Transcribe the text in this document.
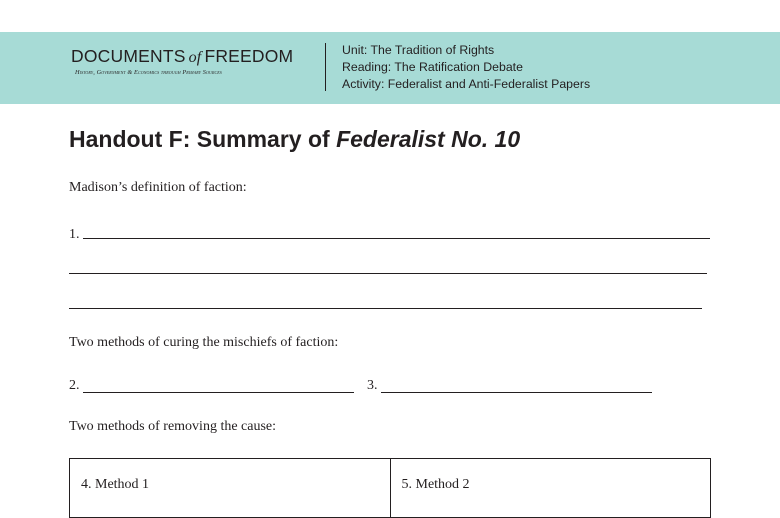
DOCUMENTS of FREEDOM
History, Government & Economics through Primary Sources
Unit: The Tradition of Rights
Reading: The Ratification Debate
Activity: Federalist and Anti-Federalist Papers
Handout F: Summary of Federalist No. 10
Madison’s definition of faction:
1.
Two methods of curing the mischiefs of faction:
2.	3.
Two methods of removing the cause:
4. Method 1	5. Method 2
